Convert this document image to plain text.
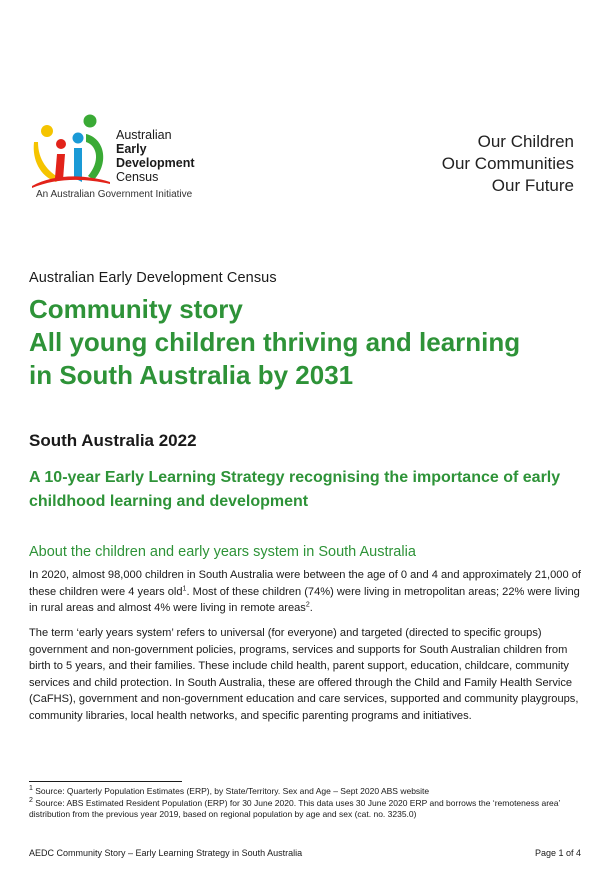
Australian
Early
Development
Census
An Australian Government Initiative
Our Children
Our Communities
Our Future
Australian Early Development Census
Community story
All young children thriving and learning
in South Australia by 2031
South Australia 2022
A 10-year Early Learning Strategy recognising the importance of early childhood learning and development
About the children and early years system in South Australia
In 2020, almost 98,000 children in South Australia were between the age of 0 and 4 and approximately 21,000 of these children were 4 years old$^1$. Most of these children (74%) were living in metropolitan areas; 22% were living in rural areas and almost 4% were living in remote areas$^2$.
The term ‘early years system’ refers to universal (for everyone) and targeted (directed to specific groups) government and non-government policies, programs, services and supports for South Australian children from birth to 5 years, and their families. These include child health, parent support, education, childcare, community services and child protection. In South Australia, these are offered through the Child and Family Health Service (CaFHS), government and non-government education and care services, supported and community playgroups, community libraries, local health networks, and specific parenting programs and initiatives.
$^1$ Source: Quarterly Population Estimates (ERP), by State/Territory. Sex and Age – Sept 2020 ABS website
$^2$ Source: ABS Estimated Resident Population (ERP) for 30 June 2020. This data uses 30 June 2020 ERP and borrows the ‘remoteness area’ distribution from the previous year 2019, based on regional population by age and sex (cat. no. 3235.0)
AEDC Community Story – Early Learning Strategy in South Australia	Page 1 of 4
